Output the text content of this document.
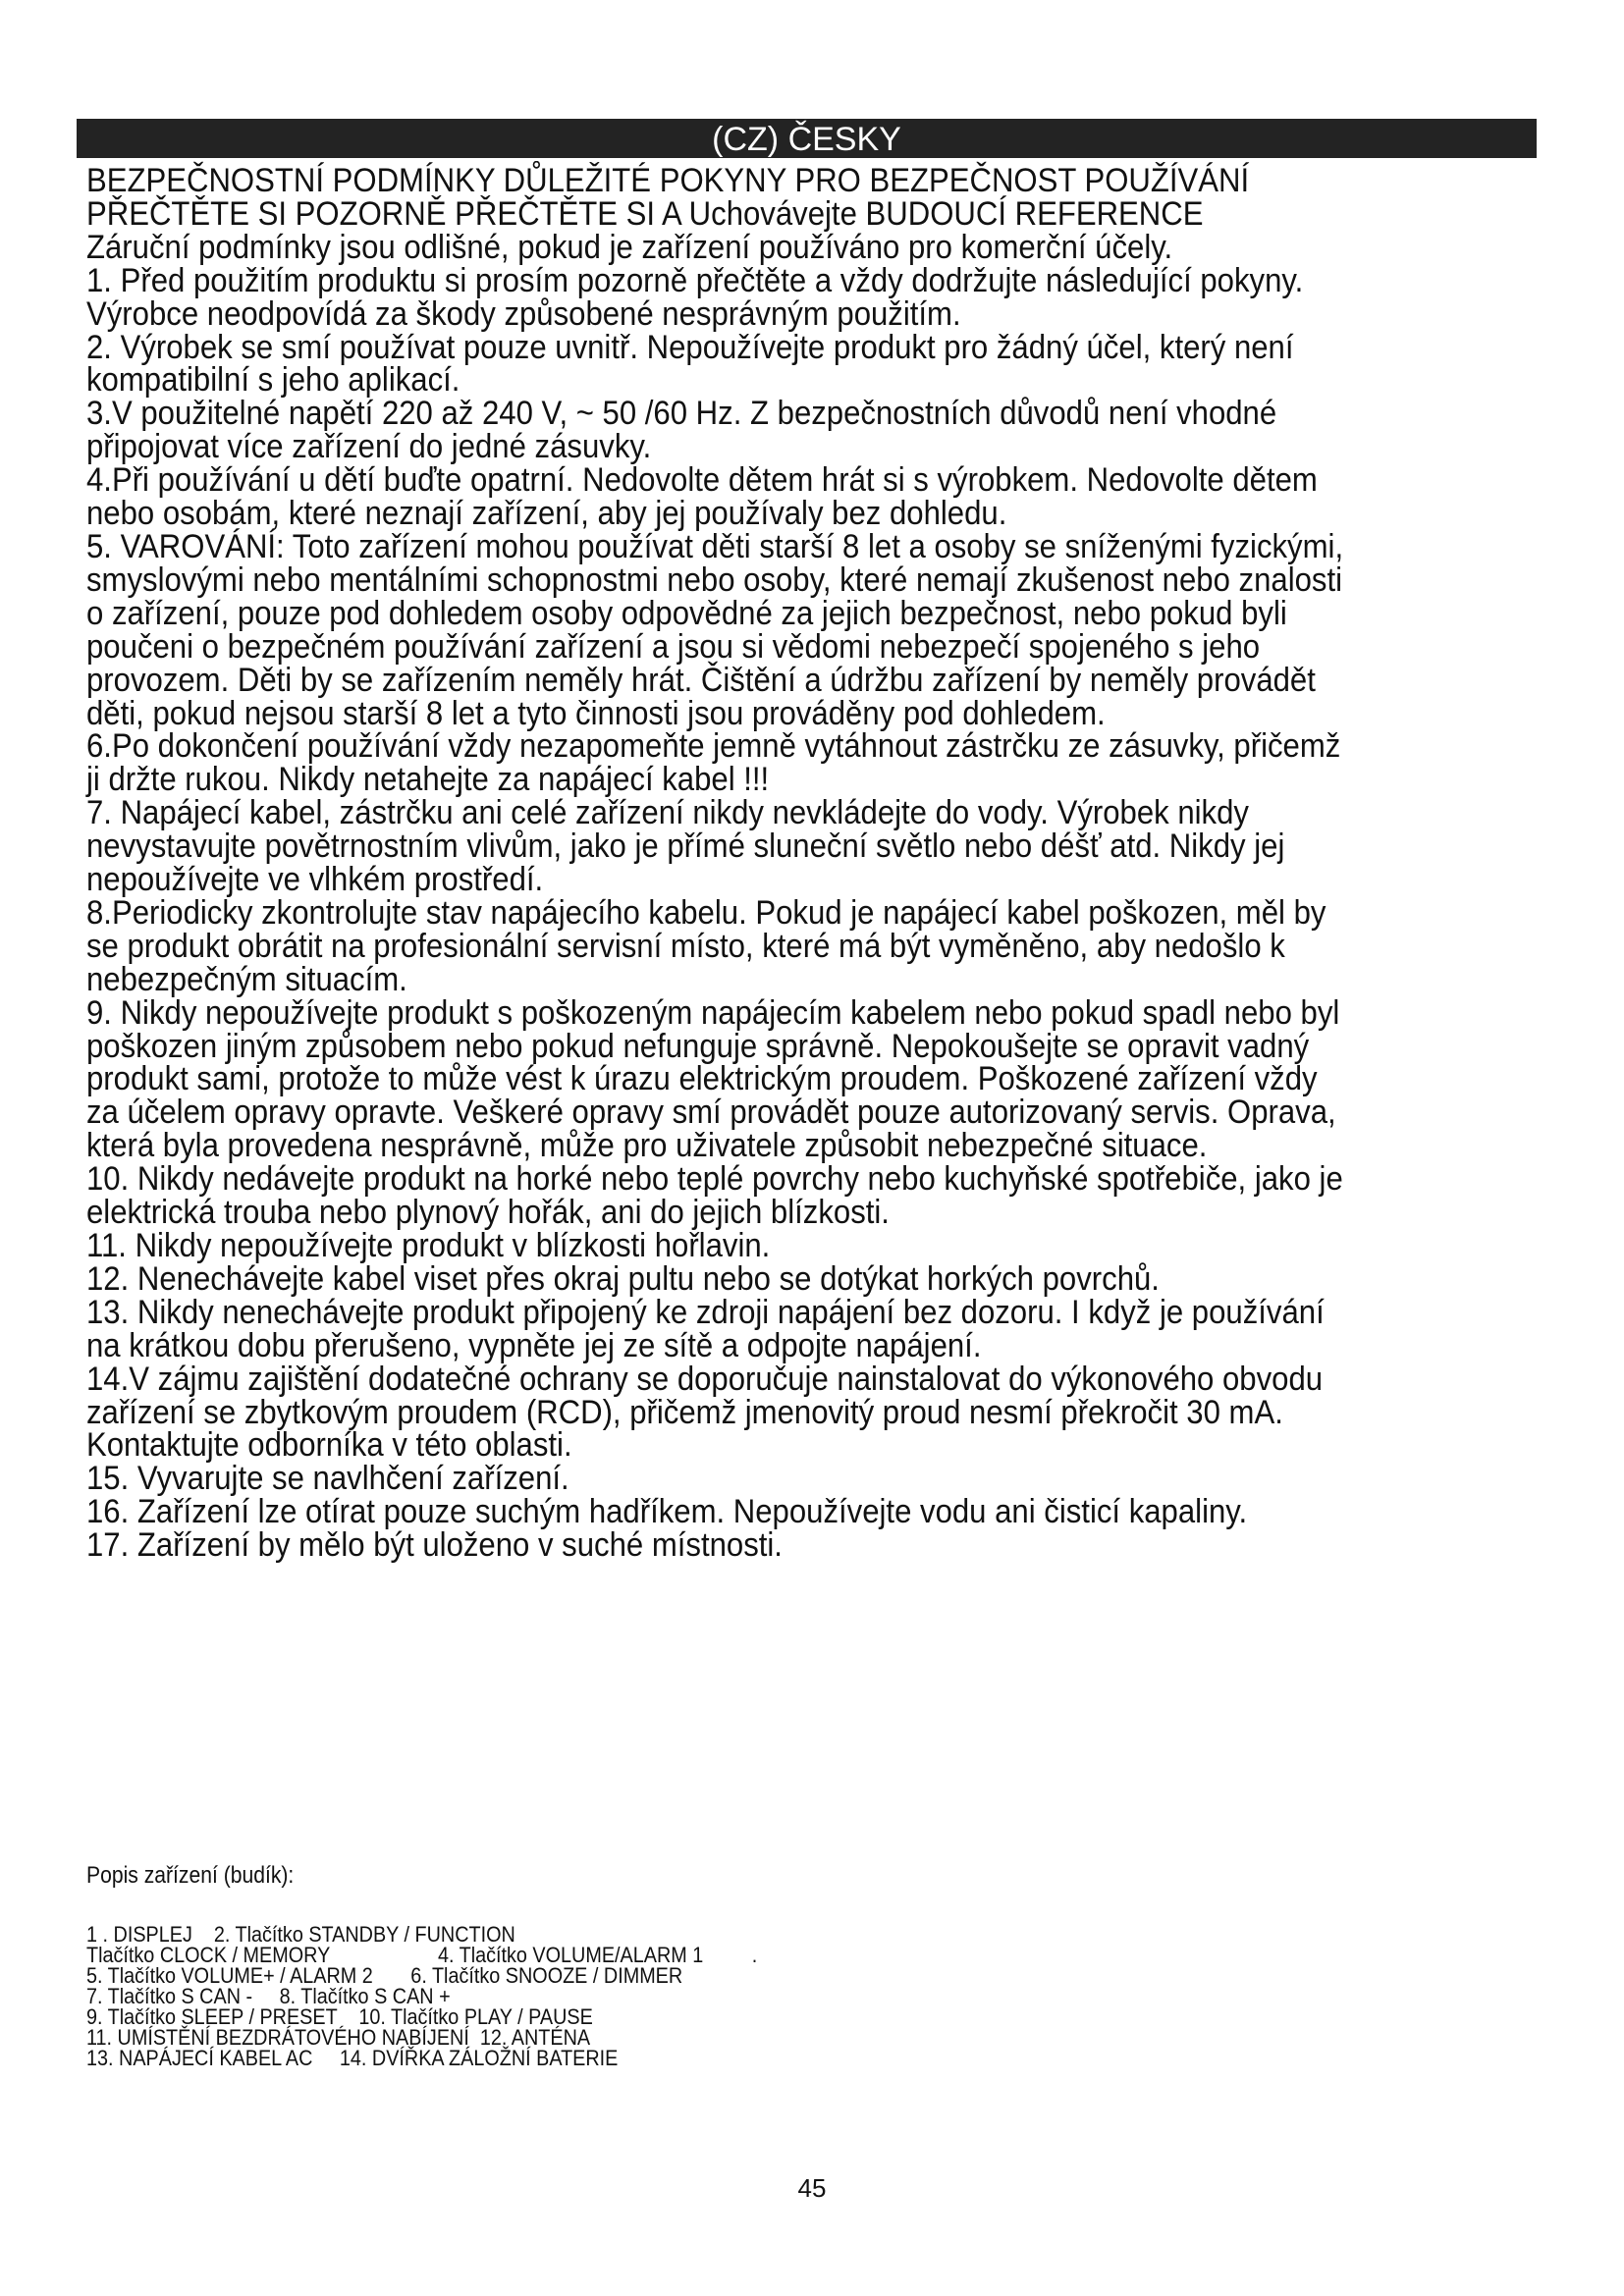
(CZ) ČESKY
BEZPEČNOSTNÍ PODMÍNKY DŮLEŽITÉ POKYNY PRO BEZPEČNOST POUŽÍVÁNÍ
PŘEČTĚTE SI POZORNĚ PŘEČTĚTE SI A Uchovávejte BUDOUCÍ REFERENCE
Záruční podmínky jsou odlišné, pokud je zařízení používáno pro komerční účely.
1. Před použitím produktu si prosím pozorně přečtěte a vždy dodržujte následující pokyny.
Výrobce neodpovídá za škody způsobené nesprávným použitím.
2. Výrobek se smí používat pouze uvnitř. Nepoužívejte produkt pro žádný účel, který není
kompatibilní s jeho aplikací.
3.V použitelné napětí 220 až 240 V, ~ 50 /60 Hz. Z bezpečnostních důvodů není vhodné
připojovat více zařízení do jedné zásuvky.
4.Při používání u dětí buďte opatrní. Nedovolte dětem hrát si s výrobkem. Nedovolte dětem
nebo osobám, které neznají zařízení, aby jej používaly bez dohledu.
5. VAROVÁNÍ: Toto zařízení mohou používat děti starší 8 let a osoby se sníženými fyzickými,
smyslovými nebo mentálními schopnostmi nebo osoby, které nemají zkušenost nebo znalosti
o zařízení, pouze pod dohledem osoby odpovědné za jejich bezpečnost, nebo pokud byli
poučeni o bezpečném používání zařízení a jsou si vědomi nebezpečí spojeného s jeho
provozem. Děti by se zařízením neměly hrát. Čištění a údržbu zařízení by neměly provádět
děti, pokud nejsou starší 8 let a tyto činnosti jsou prováděny pod dohledem.
6.Po dokončení používání vždy nezapomeňte jemně vytáhnout zástrčku ze zásuvky, přičemž
ji držte rukou. Nikdy netahejte za napájecí kabel !!!
7. Napájecí kabel, zástrčku ani celé zařízení nikdy nevkládejte do vody. Výrobek nikdy
nevystavujte povětrnostním vlivům, jako je přímé sluneční světlo nebo déšť atd. Nikdy jej
nepoužívejte ve vlhkém prostředí.
8.Periodicky zkontrolujte stav napájecího kabelu. Pokud je napájecí kabel poškozen, měl by
se produkt obrátit na profesionální servisní místo, které má být vyměněno, aby nedošlo k
nebezpečným situacím.
9. Nikdy nepoužívejte produkt s poškozeným napájecím kabelem nebo pokud spadl nebo byl
poškozen jiným způsobem nebo pokud nefunguje správně. Nepokoušejte se opravit vadný
produkt sami, protože to může vést k úrazu elektrickým proudem. Poškozené zařízení vždy
za účelem opravy opravte. Veškeré opravy smí provádět pouze autorizovaný servis. Oprava,
která byla provedena nesprávně, může pro uživatele způsobit nebezpečné situace.
10. Nikdy nedávejte produkt na horké nebo teplé povrchy nebo kuchyňské spotřebiče, jako je
elektrická trouba nebo plynový hořák, ani do jejich blízkosti.
11. Nikdy nepoužívejte produkt v blízkosti hořlavin.
12. Nenechávejte kabel viset přes okraj pultu nebo se dotýkat horkých povrchů.
13. Nikdy nenechávejte produkt připojený ke zdroji napájení bez dozoru. I když je používání
na krátkou dobu přerušeno, vypněte jej ze sítě a odpojte napájení.
14.V zájmu zajištění dodatečné ochrany se doporučuje nainstalovat do výkonového obvodu
zařízení se zbytkovým proudem (RCD), přičemž jmenovitý proud nesmí překročit 30 mA.
Kontaktujte odborníka v této oblasti.
15. Vyvarujte se navlhčení zařízení.
16. Zařízení lze otírat pouze suchým hadříkem. Nepoužívejte vodu ani čisticí kapaliny.
17. Zařízení by mělo být uloženo v suché místnosti.
Popis zařízení (budík):
1 . DISPLEJ    2. Tlačítko STANDBY / FUNCTION
Tlačítko CLOCK / MEMORY                    4. Tlačítko VOLUME/ALARM 1         .
5. Tlačítko VOLUME+ / ALARM 2       6. Tlačítko SNOOZE / DIMMER
7. Tlačítko S CAN -     8. Tlačítko S CAN +
9. Tlačítko SLEEP / PRESET    10. Tlačítko PLAY / PAUSE
11. UMÍSTĚNÍ BEZDRÁTOVÉHO NABÍJENÍ  12. ANTÉNA
13. NAPÁJECÍ KABEL AC     14. DVÍŘKA ZÁLOŽNÍ BATERIE
45
